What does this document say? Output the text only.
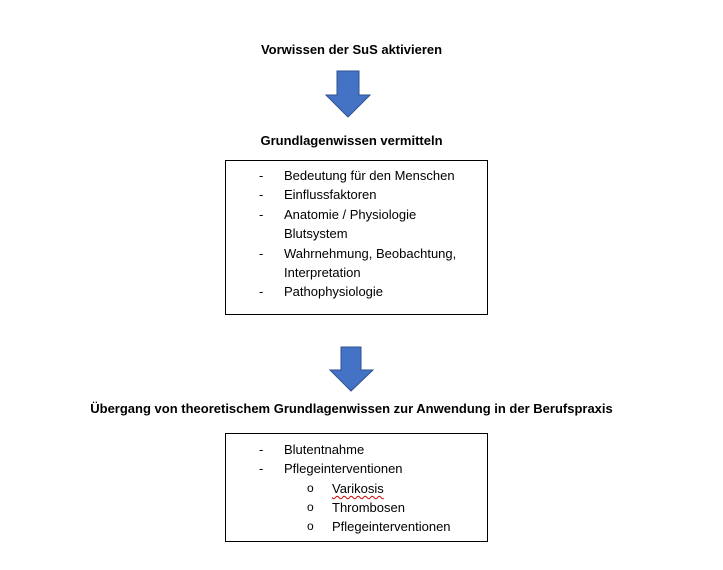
Vorwissen der SuS aktivieren
Grundlagenwissen vermitteln
- Bedeutung für den Menschen
- Einflussfaktoren
- Anatomie / Physiologie
Blutsystem
- Wahrnehmung, Beobachtung,
Interpretation
- Pathophysiologie
Übergang von theoretischem Grundlagenwissen zur Anwendung in der Berufspraxis
- Blutentnahme
- Pflegeinterventionen
o Varikosis
o Thrombosen
o Pflegeinterventionen
